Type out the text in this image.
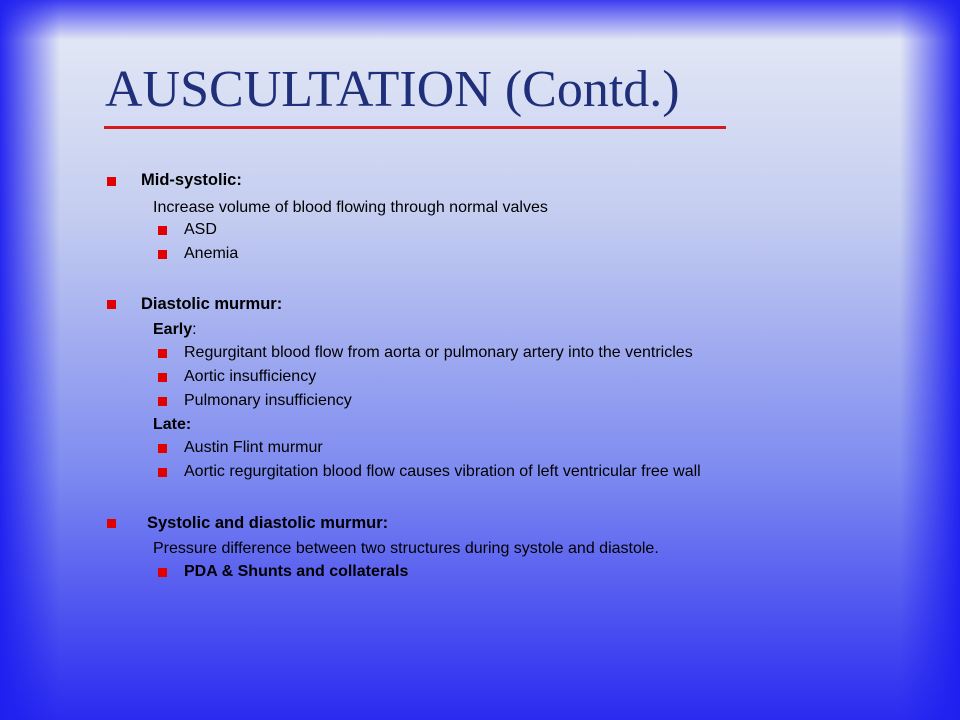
AUSCULTATION (Contd.)
Mid-systolic:
Increase volume of blood flowing through normal valves
ASD
Anemia
Diastolic murmur:
Early:
Regurgitant blood flow from aorta or pulmonary artery into the ventricles
Aortic insufficiency
Pulmonary insufficiency
Late:
Austin Flint murmur
Aortic regurgitation blood flow causes vibration of left ventricular free wall
Systolic and diastolic murmur:
Pressure difference between two structures during systole and diastole.
PDA & Shunts and collaterals
